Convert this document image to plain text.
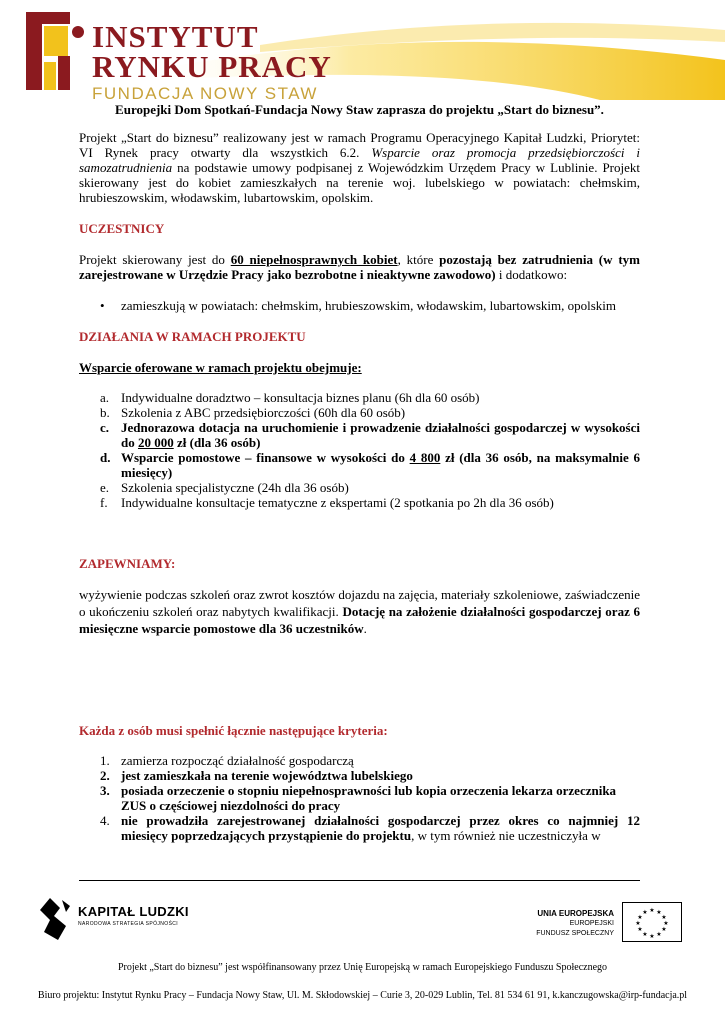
INSTYTUT
RYNKU PRACY
FUNDACJA NOWY STAW

Europejki Dom Spotkań-Fundacja Nowy Staw zaprasza do projektu „Start do biznesu”.

Projekt „Start do biznesu” realizowany jest w ramach Programu Operacyjnego Kapitał Ludzki, Priorytet: VI Rynek pracy otwarty dla wszystkich 6.2. Wsparcie oraz promocja przedsiębiorczości i samozatrudnienia na podstawie umowy podpisanej z Wojewódzkim Urzędem Pracy w Lublinie. Projekt skierowany jest do kobiet zamieszkałych na terenie woj. lubelskiego w powiatach: chełmskim, hrubieszowskim, włodawskim, lubartowskim, opolskim.

UCZESTNICY

Projekt skierowany jest do 60 niepełnosprawnych kobiet, które pozostają bez zatrudnienia (w tym zarejestrowane w Urzędzie Pracy jako bezrobotne i nieaktywne zawodowo) i dodatkowo:

•	zamieszkują w powiatach: chełmskim, hrubieszowskim, włodawskim, lubartowskim, opolskim

DZIAŁANIA W RAMACH PROJEKTU

Wsparcie oferowane w ramach projektu obejmuje:

a. Indywidualne doradztwo – konsultacja biznes planu (6h dla 60 osób)
b. Szkolenia z ABC przedsiębiorczości (60h dla 60 osób)
c. Jednorazowa dotacja na uruchomienie i prowadzenie działalności gospodarczej w wysokości do 20 000 zł (dla 36 osób)
d. Wsparcie pomostowe – finansowe w wysokości do 4 800 zł (dla 36 osób, na maksymalnie 6 miesięcy)
e. Szkolenia specjalistyczne (24h dla 36 osób)
f.	Indywidualne konsultacje tematyczne z ekspertami (2 spotkania po 2h dla 36 osób)

ZAPEWNIAMY:

wyżywienie podczas szkoleń oraz zwrot kosztów dojazdu na zajęcia, materiały szkoleniowe, zaświadczenie o ukończeniu szkoleń oraz nabytych kwalifikacji. Dotację na założenie działalności gospodarczej oraz 6 miesięczne wsparcie pomostowe dla 36 uczestników.

Każda z osób musi spełnić łącznie następujące kryteria:

1. zamierza rozpocząć działalność gospodarczą
2. jest zamieszkała na terenie województwa lubelskiego
3. posiada orzeczenie o stopniu niepełnosprawności lub kopia orzeczenia lekarza orzecznika ZUS o częściowej niezdolności do pracy
4. nie prowadziła zarejestrowanej działalności gospodarczej przez okres co najmniej 12 miesięcy poprzedzających przystąpienie do projektu, w tym również nie uczestniczyła w
KAPITAŁ LUDZKI
NARODOWA STRATEGIA SPÓJNOŚCI
UNIA EUROPEJSKA
EUROPEJSKI
FUNDUSZ SPOŁECZNY
★ ★
★
★
★
★
★
★
★
★
★
★
Projekt „Start do biznesu” jest współfinansowany przez Unię Europejską w ramach Europejskiego Funduszu Społecznego
Biuro projektu: Instytut Rynku Pracy – Fundacja Nowy Staw, Ul. M. Skłodowskiej – Curie 3, 20-029 Lublin, Tel. 81 534 61 91, k.kanczugowska@irp-fundacja.pl
